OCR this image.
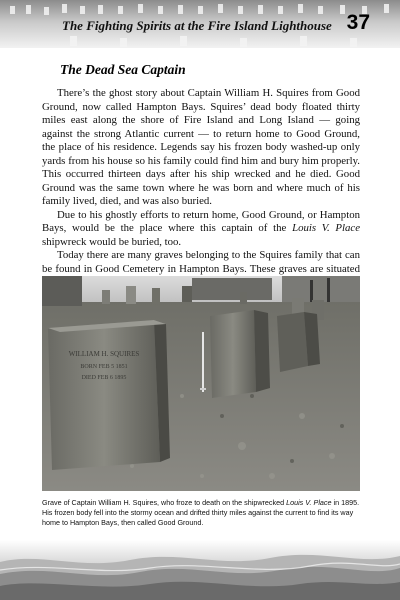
The Fighting Spirits at the Fire Island Lighthouse 37
The Dead Sea Captain

There’s the ghost story about Captain William H. Squires from Good Ground, now called Hampton Bays. Squires’ dead body floated thirty miles east along the shore of Fire Island and Long Island — going against the strong Atlantic current — to return home to Good Ground, the place of his residence. Legends say his frozen body washed-up only yards from his house so his family could find him and bury him properly. This occurred thirteen days after his ship wrecked and he died. Good Ground was the same town where he was born and where much of his family lived, died, and was also buried.

Due to his ghostly efforts to return home, Good Ground, or Hampton Bays, would be the place where this captain of the Louis V. Place shipwreck would be buried, too.

Today there are many graves belonging to the Squires family that can be found in Good Cemetery in Hampton Bays. These graves are situated

WILLIAM H. SQUIRES
BORN FEB 5 1851
DIED FEB 6 1895
Grave of Captain William H. Squires, who froze to death on the shipwrecked Louis V. Place in 1895. His frozen body fell into the stormy ocean and drifted thirty miles against the current to find its way home to Hampton Bays, then called Good Ground.
